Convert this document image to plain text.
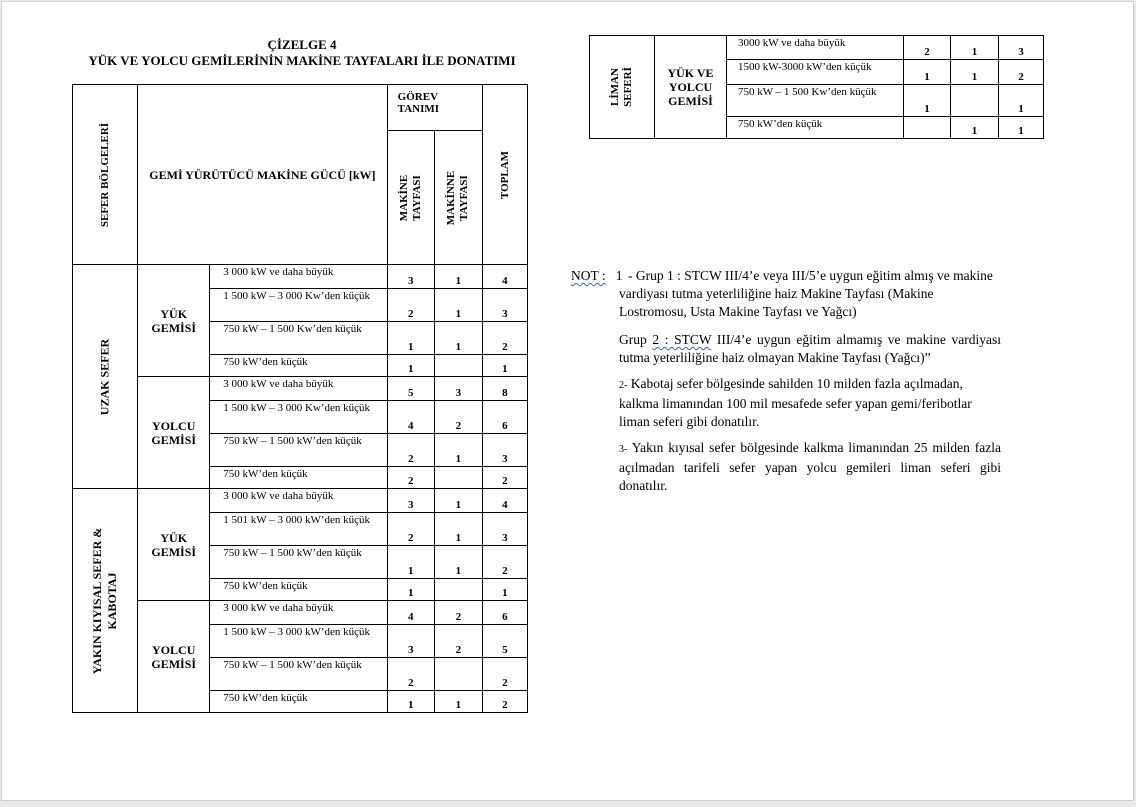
ÇİZELGE 4
YÜK VE YOLCU GEMİLERİNİN MAKİNE TAYFALARI İLE DONATIMI
SEFER BÖLGELERİ	GEMİ YÜRÜTÜCÜ MAKİNE GÜCÜ [kW]		GÖREV TANIMI		TOPLAM

			MAKİNE TAYFASI	MAKİNNE TAYFASI	

UZAK SEFER	YÜK GEMİSİ	3 000 kW ve daha büyük	3	1	4
		1 500 kW – 3 000 Kw’den küçük	2	1	3
		750 kW – 1 500 Kw’den küçük	1	1	2
		750 kW’den küçük	1		1
	YOLCU GEMİSİ	3 000 kW ve daha büyük	5	3	8
		1 500 kW – 3 000 Kw’den küçük	4	2	6
		750 kW – 1 500 kW’den küçük	2	1	3
		750 kW’den küçük	2		2

YAKIN KIYISAL SEFER & KABOTAJ	YÜK GEMİSİ	3 000 kW ve daha büyük	3	1	4
		1 501 kW – 3 000 kW’den küçük	2	1	3
		750 kW – 1 500 kW’den küçük	1	1	2
		750 kW’den küçük	1		1
	YOLCU GEMİSİ	3 000 kW ve daha büyük	4	2	6
		1 500 kW – 3 000 kW’den küçük	3	2	5
		750 kW – 1 500 kW’den küçük	2		2
		750 kW’den küçük	1	1	2
LİMAN SEFERİ	YÜK VE YOLCU GEMİSİ	3000 kW ve daha büyük	2	1	3
		1500 kW-3000 kW’den küçük	1	1	2
		750 kW – 1 500 Kw’den küçük	1		1
		750 kW’den küçük		1	1

NOT : 1 - Grup 1 : STCW III/4’e veya III/5’e uygun eğitim almış ve makine vardiyası tutma yeterliliğine haiz Makine Tayfası (Makine Lostromosu, Usta Makine Tayfası ve Yağcı)

Grup 2 : STCW III/4’e uygun eğitim almamış ve makine vardiyası tutma yeterliliğine haiz olmayan Makine Tayfası (Yağcı)”

2- Kabotaj sefer bölgesinde sahilden 10 milden fazla açılmadan, kalkma limanından 100 mil mesafede sefer yapan gemi/feribotlar liman seferi gibi donatılır.

3- Yakın kıyısal sefer bölgesinde kalkma limanından 25 milden fazla açılmadan tarifeli sefer yapan yolcu gemileri liman seferi gibi donatılır.
